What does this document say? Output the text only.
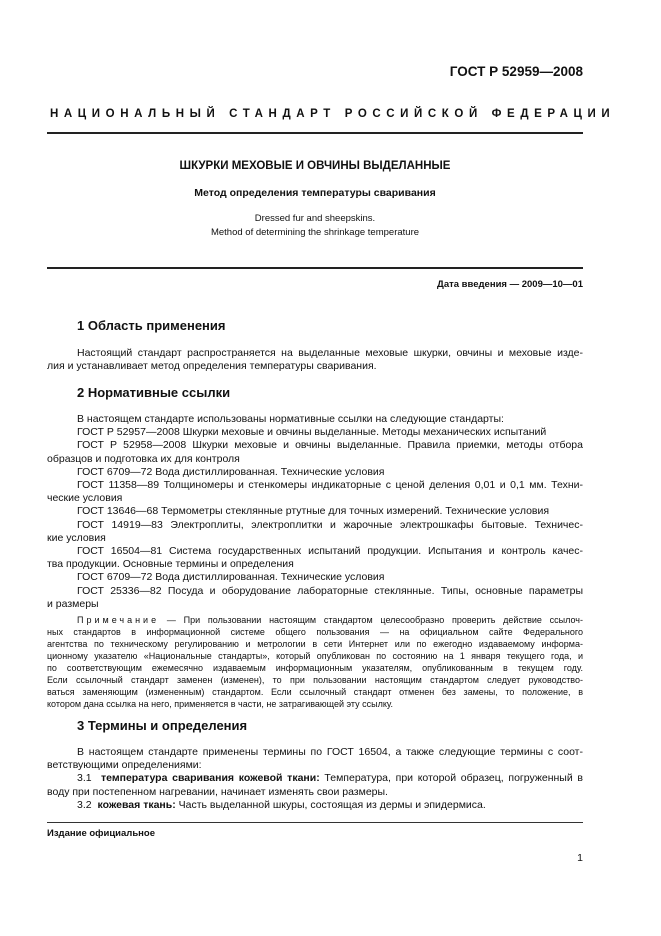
ГОСТ Р 52959—2008
НАЦИОНАЛЬНЫЙ СТАНДАРТ РОССИЙСКОЙ ФЕДЕРАЦИИ
ШКУРКИ МЕХОВЫЕ И ОВЧИНЫ ВЫДЕЛАННЫЕ
Метод определения температуры сваривания
Dressed fur and sheepskins.
Method of determining the shrinkage temperature
Дата введения — 2009—10—01
1 Область применения
Настоящий стандарт распространяется на выделанные меховые шкурки, овчины и меховые изде-
лия и устанавливает метод определения температуры сваривания.
2 Нормативные ссылки
В настоящем стандарте использованы нормативные ссылки на следующие стандарты:
ГОСТ Р 52957—2008 Шкурки меховые и овчины выделанные. Методы механических испытаний
ГОСТ Р 52958—2008 Шкурки меховые и овчины выделанные. Правила приемки, методы отбора
образцов и подготовка их для контроля
ГОСТ 6709—72 Вода дистиллированная. Технические условия
ГОСТ 11358—89 Толщиномеры и стенкомеры индикаторные с ценой деления 0,01 и 0,1 мм. Техни-
ческие условия
ГОСТ 13646—68 Термометры стеклянные ртутные для точных измерений. Технические условия
ГОСТ 14919—83 Электроплиты, электроплитки и жарочные электрошкафы бытовые. Техничес-
кие условия
ГОСТ 16504—81 Система государственных испытаний продукции. Испытания и контроль качес-
тва продукции. Основные термины и определения
ГОСТ 6709—72 Вода дистиллированная. Технические условия
ГОСТ 25336—82 Посуда и оборудование лабораторные стеклянные. Типы, основные параметры
и размеры
Примечание — При пользовании настоящим стандартом целесообразно проверить действие ссылоч-
ных стандартов в информационной системе общего пользования — на официальном сайте Федерального
агентства по техническому регулированию и метрологии в сети Интернет или по ежегодно издаваемому информа-
ционному указателю «Национальные стандарты», который опубликован по состоянию на 1 января текущего года, и
по соответствующим ежемесячно издаваемым информационным указателям, опубликованным в текущем году.
Если ссылочный стандарт заменен (изменен), то при пользовании настоящим стандартом следует руководство-
ваться заменяющим (измененным) стандартом. Если ссылочный стандарт отменен без замены, то положение, в
котором дана ссылка на него, применяется в части, не затрагивающей эту ссылку.
3 Термины и определения
В настоящем стандарте применены термины по ГОСТ 16504, а также следующие термины с соот-
ветствующими определениями:
3.1 температура сваривания кожевой ткани: Температура, при которой образец, погруженный в
воду при постепенном нагревании, начинает изменять свои размеры.
3.2 кожевая ткань: Часть выделанной шкуры, состоящая из дермы и эпидермиса.
Издание официальное
1
